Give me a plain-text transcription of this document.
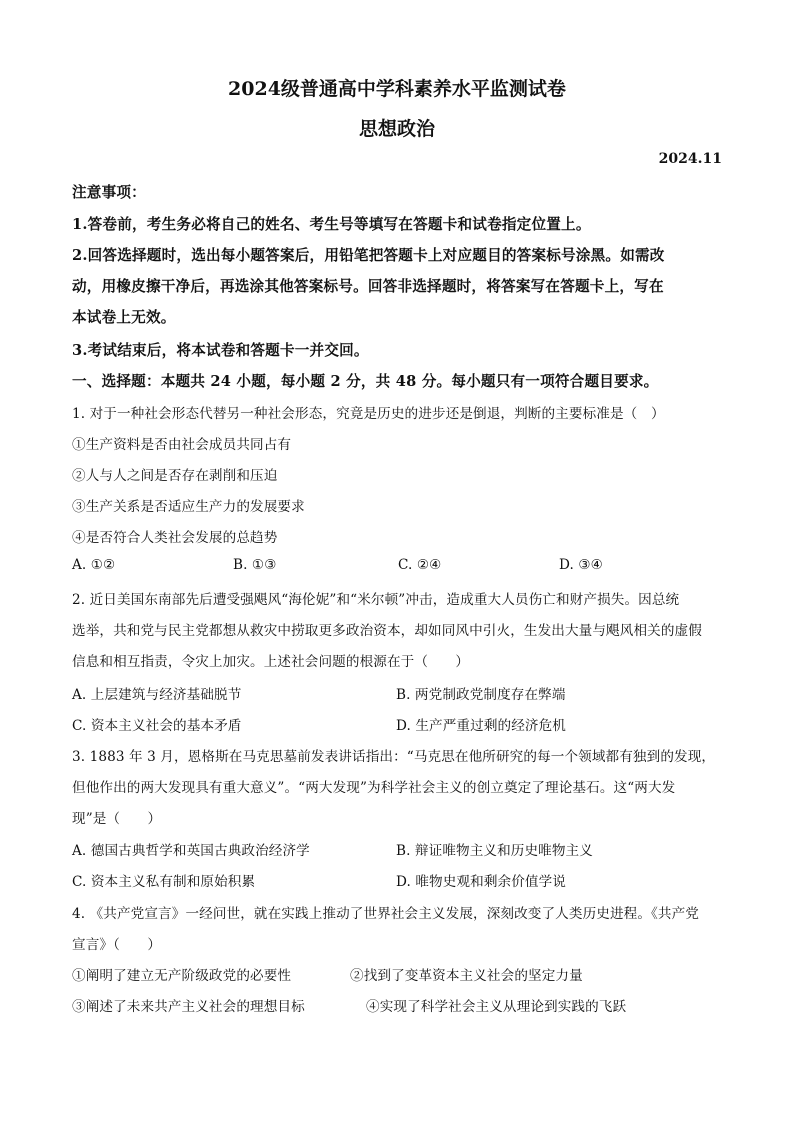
2024级普通高中学科素养水平监测试卷
思想政治
2024.11
注意事项：
1.答卷前，考生务必将自己的姓名、考生号等填写在答题卡和试卷指定位置上。
2.回答选择题时，选出每小题答案后，用铅笔把答题卡上对应题目的答案标号涂黑。如需改
动，用橡皮擦干净后，再选涂其他答案标号。回答非选择题时，将答案写在答题卡上，写在
本试卷上无效。
3.考试结束后，将本试卷和答题卡一并交回。
一、选择题：本题共 24 小题，每小题 2 分，共 48 分。每小题只有一项符合题目要求。
1. 对于一种社会形态代替另一种社会形态，究竟是历史的进步还是倒退，判断的主要标准是（　）
①生产资料是否由社会成员共同占有
②人与人之间是否存在剥削和压迫
③生产关系是否适应生产力的发展要求
④是否符合人类社会发展的总趋势
A. ①②	B. ①③	C. ②④	D. ③④
2. 近日美国东南部先后遭受强飓风“海伦妮”和“米尔顿”冲击，造成重大人员伤亡和财产损失。因总统
选举，共和党与民主党都想从救灾中捞取更多政治资本，却如同风中引火，生发出大量与飓风相关的虚假
信息和相互指责，令灾上加灾。上述社会问题的根源在于（　　）
A. 上层建筑与经济基础脱节	B. 两党制政党制度存在弊端
C. 资本主义社会的基本矛盾	D. 生产严重过剩的经济危机
3. 1883 年 3 月，恩格斯在马克思墓前发表讲话指出：“马克思在他所研究的每一个领域都有独到的发现，
但他作出的两大发现具有重大意义”。“两大发现”为科学社会主义的创立奠定了理论基石。这“两大发
现”是（　　）
A. 德国古典哲学和英国古典政治经济学	B. 辩证唯物主义和历史唯物主义
C. 资本主义私有制和原始积累	D. 唯物史观和剩余价值学说
4. 《共产党宣言》一经问世，就在实践上推动了世界社会主义发展，深刻改变了人类历史进程。《共产党
宣言》（　　）
①阐明了建立无产阶级政党的必要性	②找到了变革资本主义社会的坚定力量
③阐述了未来共产主义社会的理想目标	④实现了科学社会主义从理论到实践的飞跃
